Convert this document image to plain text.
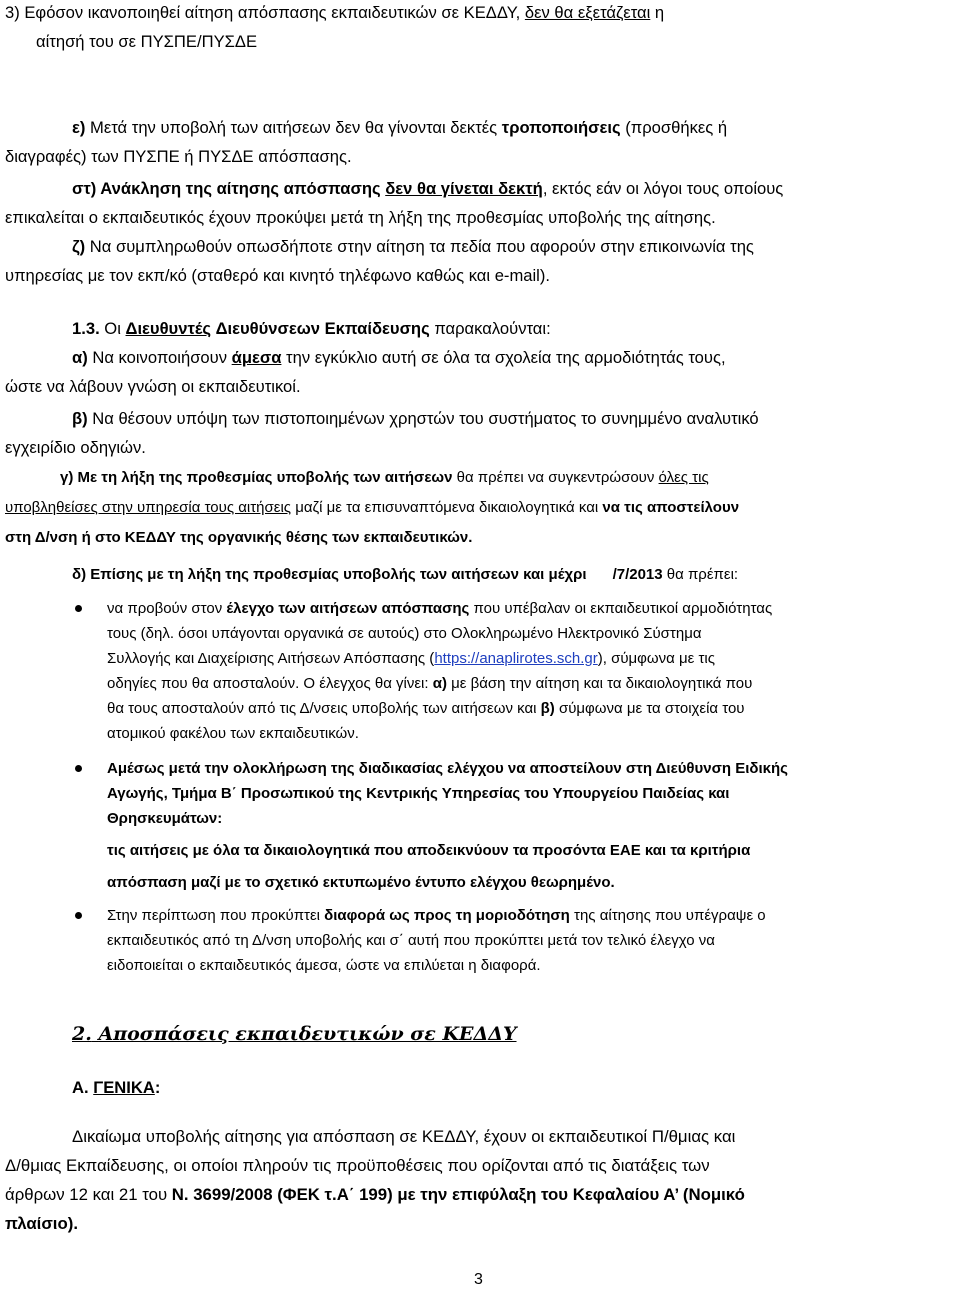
3) Εφόσον ικανοποιηθεί αίτηση απόσπασης εκπαιδευτικών σε ΚΕΔΔΥ, δεν θα εξετάζεται η
αίτησή του σε ΠΥΣΠΕ/ΠΥΣΔΕ
ε) Μετά την υποβολή των αιτήσεων δεν θα γίνονται δεκτές τροποποιήσεις (προσθήκες ή
διαγραφές) των ΠΥΣΠΕ ή ΠΥΣΔΕ απόσπασης.
στ) Ανάκληση της αίτησης απόσπασης δεν θα γίνεται δεκτή, εκτός εάν οι λόγοι τους οποίους
επικαλείται ο εκπαιδευτικός έχουν προκύψει μετά τη λήξη της προθεσμίας υποβολής της αίτησης.
ζ) Να συμπληρωθούν οπωσδήποτε στην αίτηση τα πεδία που αφορούν στην επικοινωνία της
υπηρεσίας με τον εκπ/κό (σταθερό και κινητό τηλέφωνο καθώς και e-mail).
1.3. Οι Διευθυντές Διευθύνσεων Εκπαίδευσης παρακαλούνται:
α) Να κοινοποιήσουν άμεσα την εγκύκλιο αυτή σε όλα τα σχολεία της αρμοδιότητάς τους,
ώστε να λάβουν γνώση οι εκπαιδευτικοί.
β) Να θέσουν υπόψη των πιστοποιημένων χρηστών του συστήματος το συνημμένο αναλυτικό
εγχειρίδιο οδηγιών.
γ) Με τη λήξη της προθεσμίας υποβολής των αιτήσεων θα πρέπει να συγκεντρώσουν όλες τις
υποβληθείσες στην υπηρεσία τους αιτήσεις μαζί με τα επισυναπτόμενα δικαιολογητικά και να τις αποστείλουν
στη Δ/νση ή στο ΚΕΔΔΥ της οργανικής θέσης των εκπαιδευτικών.
δ) Επίσης με τη λήξη της προθεσμίας υποβολής των αιτήσεων και μέχρι /7/2013 θα πρέπει:
να προβούν στον έλεγχο των αιτήσεων απόσπασης που υπέβαλαν οι εκπαιδευτικοί αρμοδιότητας
τους (δηλ. όσοι υπάγονται οργανικά σε αυτούς) στο Ολοκληρωμένο Ηλεκτρονικό Σύστημα
Συλλογής και Διαχείρισης Αιτήσεων Απόσπασης (https://anaplirotes.sch.gr), σύμφωνα με τις
οδηγίες που θα αποσταλούν. Ο έλεγχος θα γίνει: α) με βάση την αίτηση και τα δικαιολογητικά που
θα τους αποσταλούν από τις Δ/νσεις υποβολής των αιτήσεων και β) σύμφωνα με τα στοιχεία του
ατομικού φακέλου των εκπαιδευτικών.
Αμέσως μετά την ολοκλήρωση της διαδικασίας ελέγχου να αποστείλουν στη Διεύθυνση Ειδικής
Αγωγής, Τμήμα Β΄ Προσωπικού της Κεντρικής Υπηρεσίας του Υπουργείου Παιδείας και
Θρησκευμάτων:
τις αιτήσεις με όλα τα δικαιολογητικά που αποδεικνύουν τα προσόντα ΕΑΕ και τα κριτήρια
απόσπαση μαζί με το σχετικό εκτυπωμένο έντυπο ελέγχου θεωρημένο.
Στην περίπτωση που προκύπτει διαφορά ως προς τη μοριοδότηση της αίτησης που υπέγραψε ο
εκπαιδευτικός από τη Δ/νση υποβολής και σ΄ αυτή που προκύπτει μετά τον τελικό έλεγχο να
ειδοποιείται ο εκπαιδευτικός άμεσα, ώστε να επιλύεται η διαφορά.
2. Αποσπάσεις εκπαιδευτικών σε ΚΕΔΔΥ
Α. ΓΕΝΙΚΑ:
Δικαίωμα υποβολής αίτησης για απόσπαση σε ΚΕΔΔΥ, έχουν οι εκπαιδευτικοί Π/θμιας και
Δ/θμιας Εκπαίδευσης, οι οποίοι πληρούν τις προϋποθέσεις που ορίζονται από τις διατάξεις των
άρθρων 12 και 21 του Ν. 3699/2008 (ΦΕΚ τ.Α΄ 199) με την επιφύλαξη του Κεφαλαίου Α’ (Νομικό
πλαίσιο).
3
